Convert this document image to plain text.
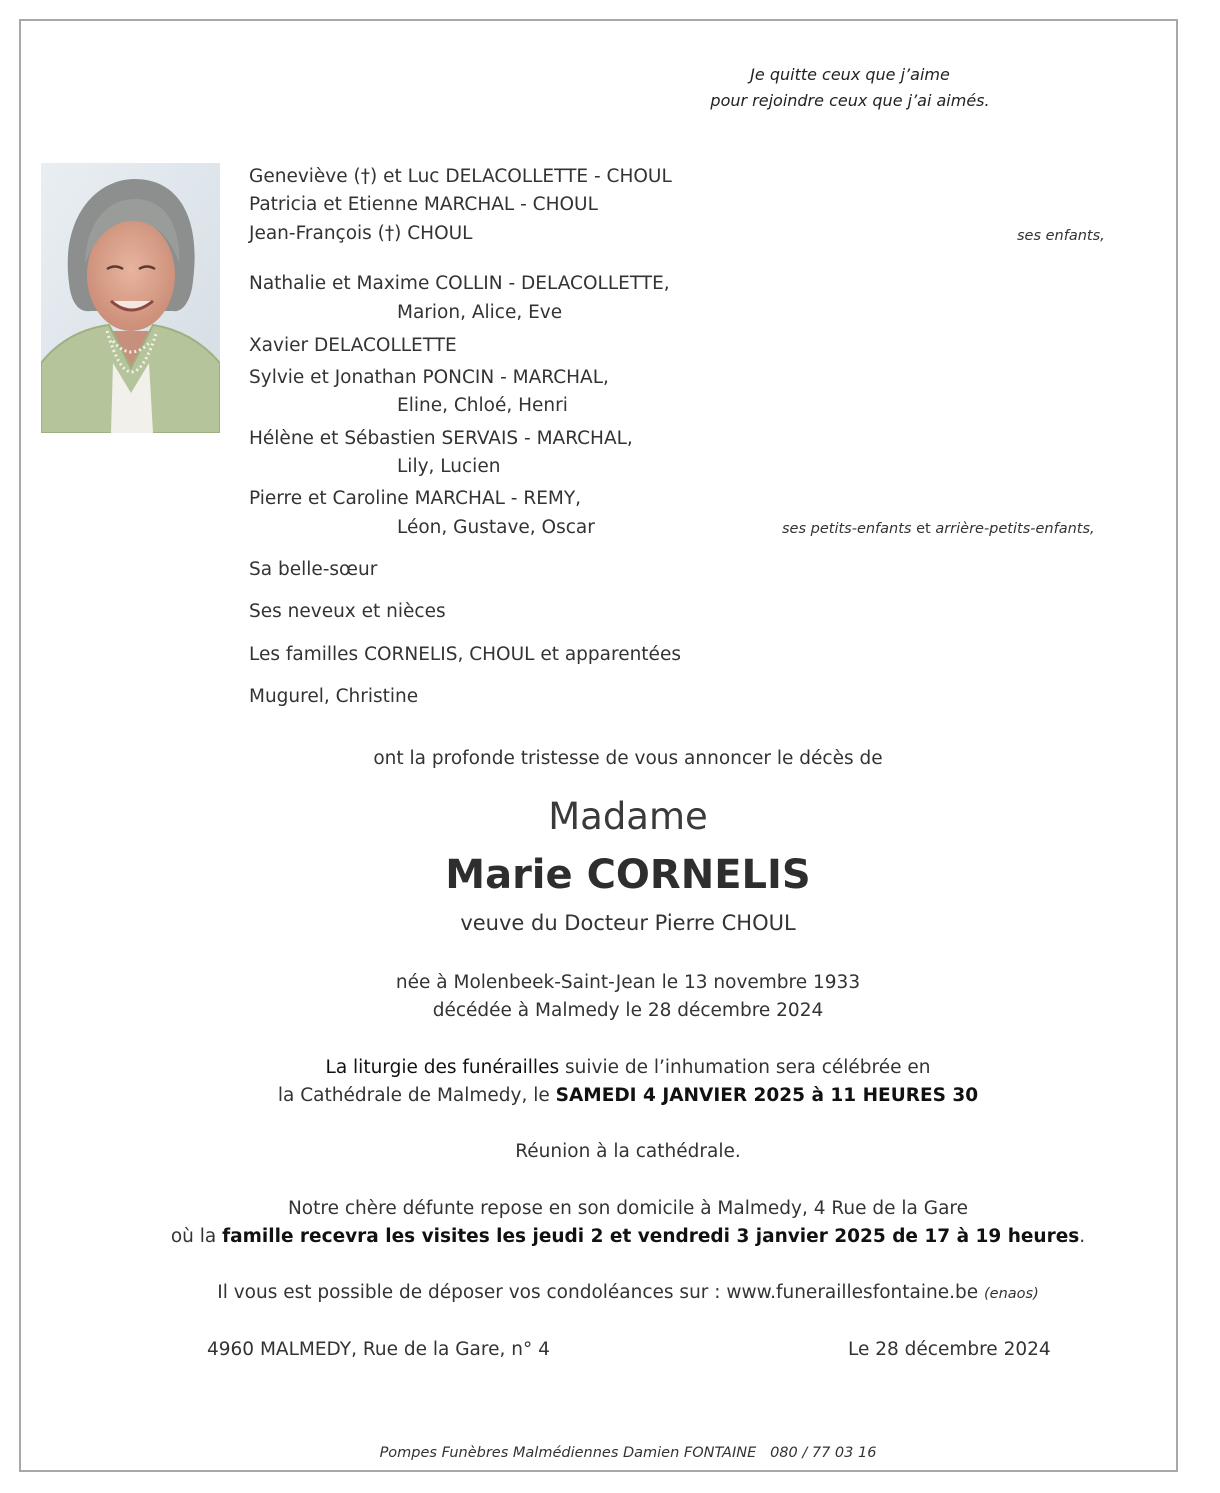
Je quitte ceux que j’aime
pour rejoindre ceux que j’ai aimés.
Geneviève (†) et Luc DELACOLLETTE - CHOUL
Patricia et Etienne MARCHAL - CHOUL
Jean-François (†) CHOUL	ses enfants,
Nathalie et Maxime COLLIN - DELACOLLETTE,
Marion, Alice, Eve
Xavier DELACOLLETTE
Sylvie et Jonathan PONCIN - MARCHAL,
Eline, Chloé, Henri
Hélène et Sébastien SERVAIS - MARCHAL,
Lily, Lucien
Pierre et Caroline MARCHAL - REMY,
Léon, Gustave, Oscar	ses petits-enfants et arrière-petits-enfants,
Sa belle-sœur
Ses neveux et nièces
Les familles CORNELIS, CHOUL et apparentées
Mugurel, Christine
ont la profonde tristesse de vous annoncer le décès de
Madame
Marie CORNELIS
veuve du Docteur Pierre CHOUL
née à Molenbeek-Saint-Jean le 13 novembre 1933
décédée à Malmedy le 28 décembre 2024
La liturgie des funérailles suivie de l’inhumation sera célébrée en
la Cathédrale de Malmedy, le SAMEDI 4 JANVIER 2025 à 11 HEURES 30
Réunion à la cathédrale.
Notre chère défunte repose en son domicile à Malmedy, 4 Rue de la Gare
où la famille recevra les visites les jeudi 2 et vendredi 3 janvier 2025 de 17 à 19 heures.
Il vous est possible de déposer vos condoléances sur : www.funeraillesfontaine.be (enaos)
4960 MALMEDY, Rue de la Gare, n° 4	Le 28 décembre 2024
Pompes Funèbres Malmédiennes Damien FONTAINE   080 / 77 03 16
